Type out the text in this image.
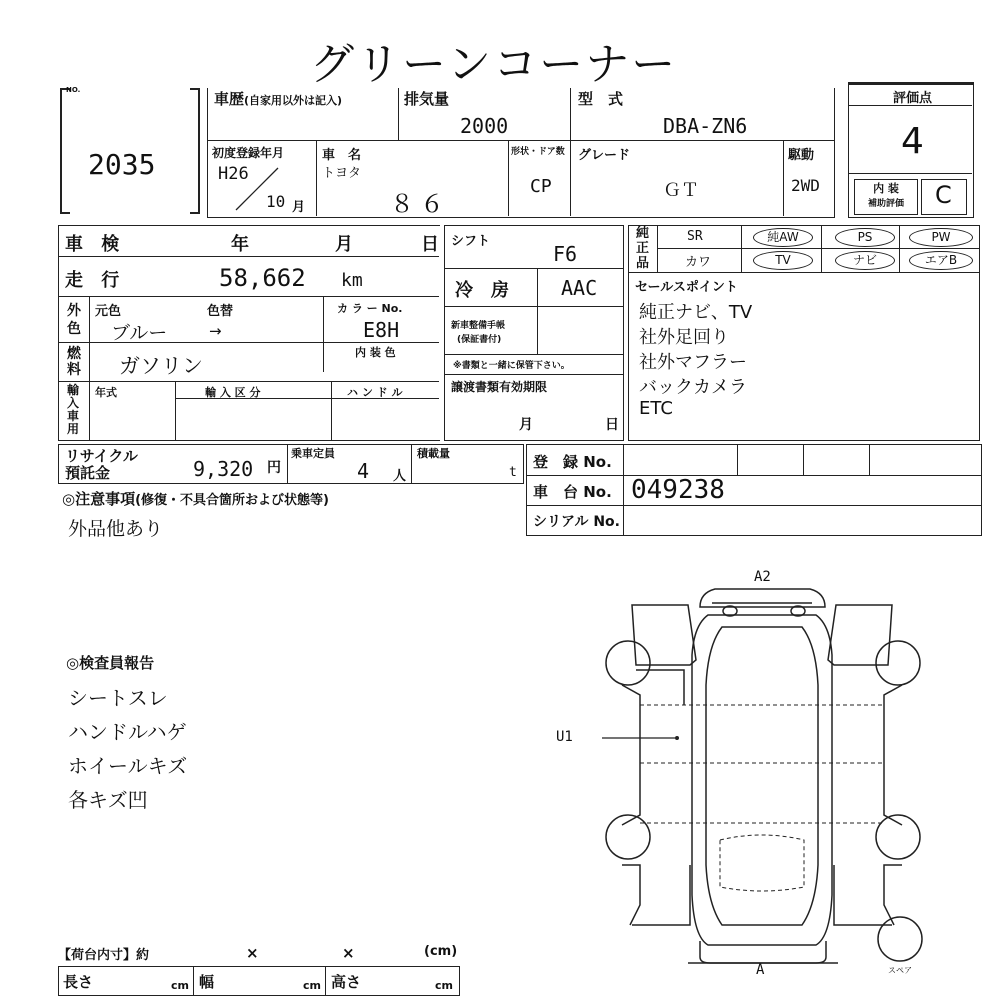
グリーンコーナー
NO.
2035
車歴(自家用以外は記入)	排気量
2000
型　式
DBA-ZN6
初度登録年月
H26
10 月
車　名
トヨタ
８６
形状・ドア数
CP
グレード
ＧＴ
駆動
2WD
評価点
4
内 装
補助評価	C
車 検	年	月	日
走 行	58,662 km
外色
元色	色替
ブルー	→
カ ラ ー No.
E8H
燃料 ガソリン
内 装 色
輸入車用
年式	輸 入 区 分	ハ ン ド ル
シフト
F6
冷　房	AAC
新車整備手帳
(保証書付)
※書類と一緒に保管下さい。
譲渡書類有効期限
月	日
純正品
SR	純AW	PS	PW
カワ	TV	ナビ	エアB
セールスポイント
純正ナビ、TV
社外足回り
社外マフラー
バックカメラ
ETC
リサイクル
預託金	9,320 円
乗車定員
4 人
積載量
t
◎注意事項(修復・不具合箇所および状態等)
外品他あり
登　録 No.
車　台 No. 049238
シリアル No.
◎検査員報告
シートスレ
ハンドルハゲ
ホイールキズ
各キズ凹
A2
U1
A	スペア
【荷台内寸】約	×	×	(cm)
長さ	cm 幅	cm 高さ	cm
